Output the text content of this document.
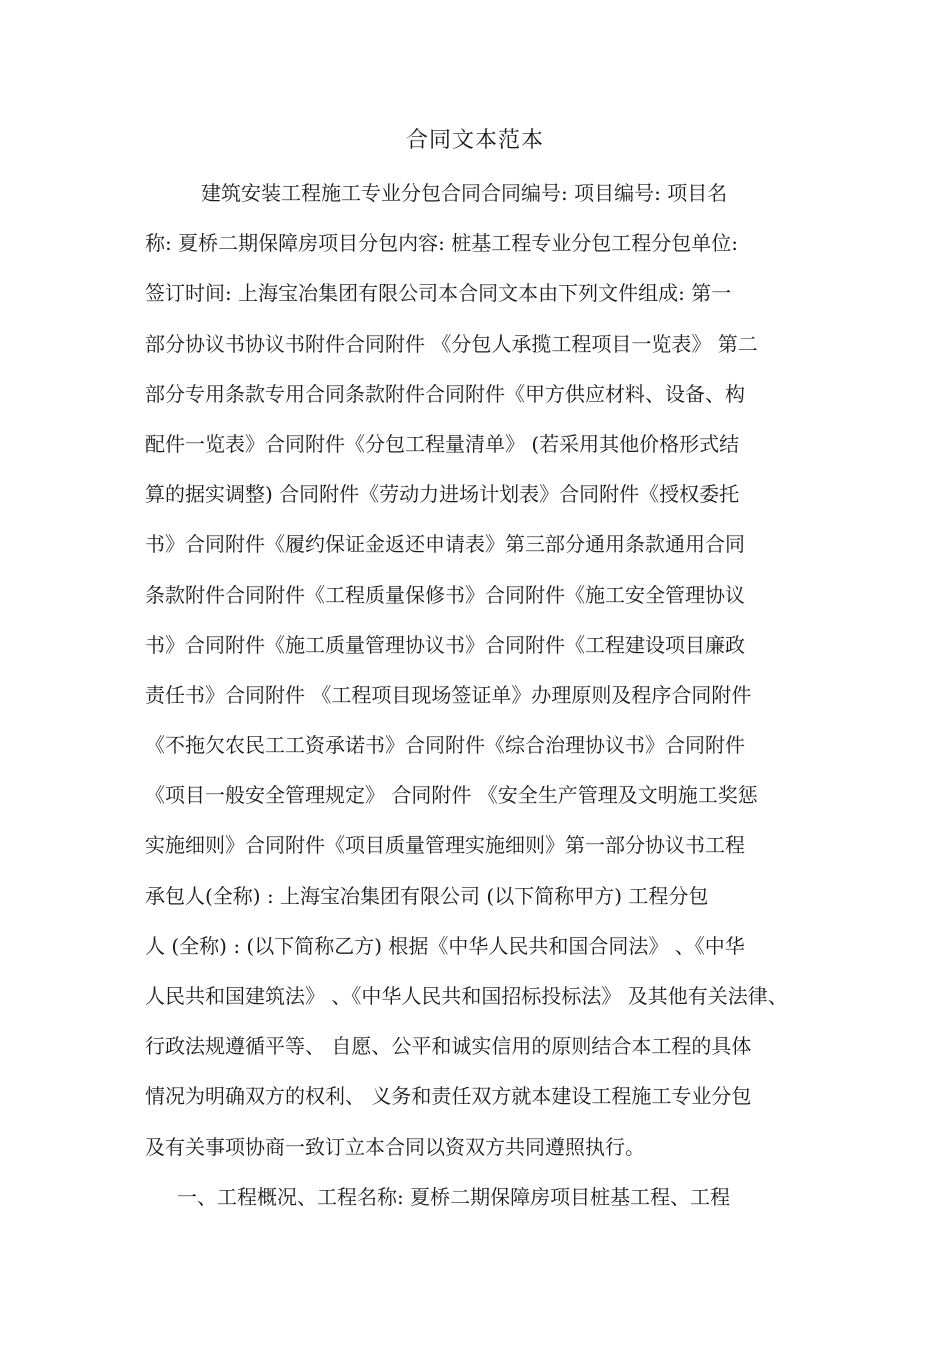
合同文本范本
建筑安装工程施工专业分包合同合同编号: 项目编号: 项目名
称: 夏桥二期保障房项目分包内容: 桩基工程专业分包工程分包单位:
签订时间: 上海宝冶集团有限公司本合同文本由下列文件组成: 第一
部分协议书协议书附件合同附件 《分包人承揽工程项目一览表》 第二
部分专用条款专用合同条款附件合同附件《甲方供应材料、设备、构
配件一览表》合同附件《分包工程量清单》 (若采用其他价格形式结
算的据实调整) 合同附件《劳动力进场计划表》合同附件《授权委托
书》合同附件《履约保证金返还申请表》第三部分通用条款通用合同
条款附件合同附件《工程质量保修书》合同附件《施工安全管理协议
书》合同附件《施工质量管理协议书》合同附件《工程建设项目廉政
责任书》合同附件 《工程项目现场签证单》办理原则及程序合同附件
《不拖欠农民工工资承诺书》合同附件《综合治理协议书》合同附件
《项目一般安全管理规定》 合同附件 《安全生产管理及文明施工奖惩
实施细则》合同附件《项目质量管理实施细则》第一部分协议书工程
承包人(全称) : 上海宝冶集团有限公司 (以下简称甲方) 工程分包
人 (全称) : (以下简称乙方) 根据《中华人民共和国合同法》 、《中华
人民共和国建筑法》 、《中华人民共和国招标投标法》 及其他有关法律、
行政法规遵循平等、 自愿、公平和诚实信用的原则结合本工程的具体
情况为明确双方的权利、 义务和责任双方就本建设工程施工专业分包
及有关事项协商一致订立本合同以资双方共同遵照执行。
一、工程概况、工程名称: 夏桥二期保障房项目桩基工程、工程
